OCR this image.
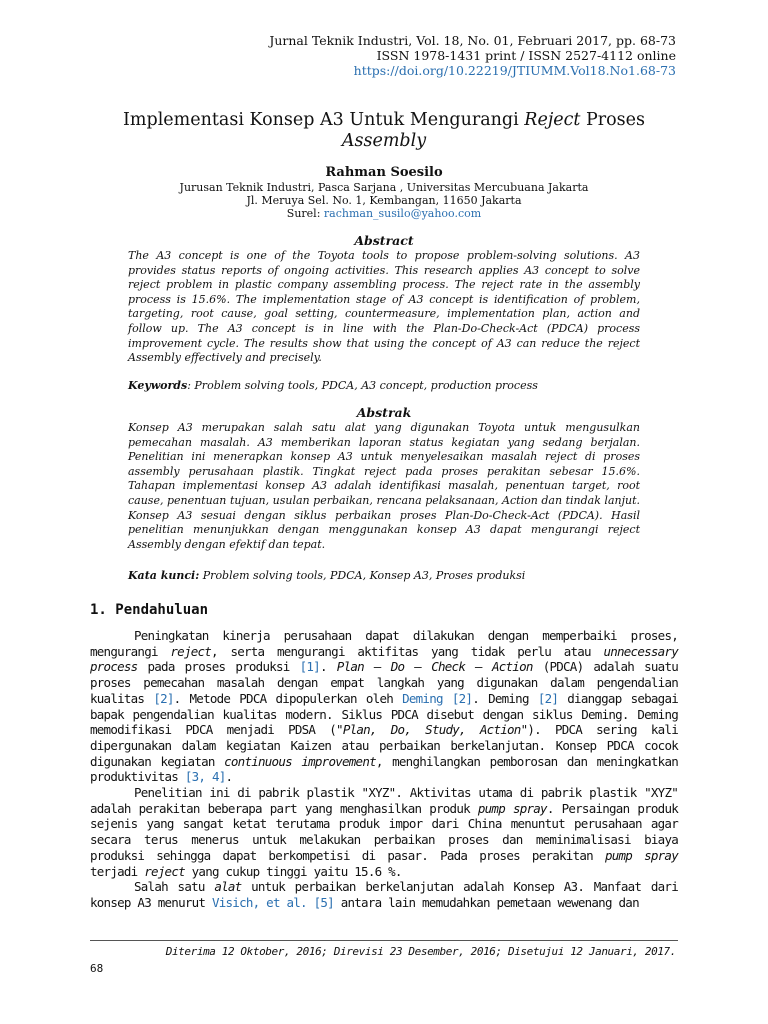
Jurnal Teknik Industri, Vol. 18, No. 01, Februari 2017, pp. 68-73
ISSN 1978-1431 print / ISSN 2527-4112 online
https://doi.org/10.22219/JTIUMM.Vol18.No1.68-73
Implementasi Konsep A3 Untuk Mengurangi Reject Proses
Assembly
Rahman Soesilo
Jurusan Teknik Industri, Pasca Sarjana , Universitas Mercubuana Jakarta
Jl. Meruya Sel. No. 1, Kembangan, 11650 Jakarta
Surel: rachman_susilo@yahoo.com
Abstract
The A3 concept is one of the Toyota tools to propose problem-solving solutions. A3 provides status reports of ongoing activities. This research applies A3 concept to solve reject problem in plastic company assembling process. The reject rate in the assembly process is 15.6%. The implementation stage of A3 concept is identification of problem, targeting, root cause, goal setting, countermeasure, implementation plan, action and follow up. The A3 concept is in line with the Plan-Do-Check-Act (PDCA) process improvement cycle. The results show that using the concept of A3 can reduce the reject Assembly effectively and precisely.
Keywords: Problem solving tools, PDCA, A3 concept, production process
Abstrak
Konsep A3 merupakan salah satu alat yang digunakan Toyota untuk mengusulkan pemecahan masalah. A3 memberikan laporan status kegiatan yang sedang berjalan. Penelitian ini menerapkan konsep A3 untuk menyelesaikan masalah reject di proses assembly perusahaan plastik. Tingkat reject pada proses perakitan sebesar 15.6%. Tahapan implementasi konsep A3 adalah identifikasi masalah, penentuan target, root cause, penentuan tujuan, usulan perbaikan, rencana pelaksanaan, Action dan tindak lanjut. Konsep A3 sesuai dengan siklus perbaikan proses Plan-Do-Check-Act (PDCA). Hasil penelitian menunjukkan dengan menggunakan konsep A3 dapat mengurangi reject Assembly dengan efektif dan tepat.
Kata kunci: Problem solving tools, PDCA, Konsep A3, Proses produksi
1. Pendahuluan

Peningkatan kinerja perusahaan dapat dilakukan dengan memperbaiki proses, mengurangi reject, serta mengurangi aktifitas yang tidak perlu atau unnecessary process pada proses produksi [1]. Plan – Do – Check – Action (PDCA) adalah suatu proses pemecahan masalah dengan empat langkah yang digunakan dalam pengendalian kualitas [2]. Metode PDCA dipopulerkan oleh Deming [2]. Deming [2] dianggap sebagai bapak pengendalian kualitas modern. Siklus PDCA disebut dengan siklus Deming. Deming memodifikasi PDCA menjadi PDSA ("Plan, Do, Study, Action"). PDCA sering kali dipergunakan dalam kegiatan Kaizen atau perbaikan berkelanjutan. Konsep PDCA cocok digunakan kegiatan continuous improvement, menghilangkan pemborosan dan meningkatkan produktivitas [3, 4].

Penelitian ini di pabrik plastik "XYZ". Aktivitas utama di pabrik plastik "XYZ" adalah perakitan beberapa part yang menghasilkan produk pump spray. Persaingan produk sejenis yang sangat ketat terutama produk impor dari China menuntut perusahaan agar secara terus menerus untuk melakukan perbaikan proses dan meminimalisasi biaya produksi sehingga dapat berkompetisi di pasar. Pada proses perakitan pump spray terjadi reject yang cukup tinggi yaitu 15.6 %.

Salah satu alat untuk perbaikan berkelanjutan adalah Konsep A3. Manfaat dari konsep A3 menurut Visich, et al. [5] antara lain memudahkan pemetaan wewenang dan

Diterima 12 Oktober, 2016; Direvisi 23 Desember, 2016; Disetujui 12 Januari, 2017.
68
